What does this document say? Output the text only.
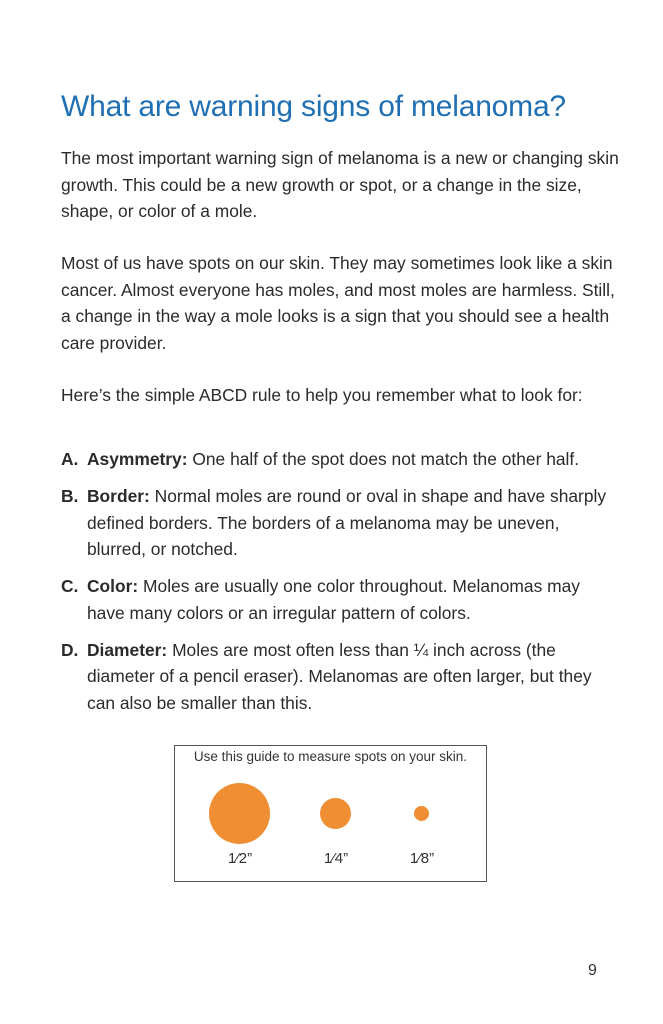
What are warning signs of melanoma?

The most important warning sign of melanoma is a new or changing skin growth. This could be a new growth or spot, or a change in the size, shape, or color of a mole.

Most of us have spots on our skin. They may sometimes look like a skin cancer. Almost everyone has moles, and most moles are harmless. Still, a change in the way a mole looks is a sign that you should see a health care provider.

Here’s the simple ABCD rule to help you remember what to look for:

A. Asymmetry: One half of the spot does not match the other half.
B. Border: Normal moles are round or oval in shape and have sharply defined borders. The borders of a melanoma may be uneven, blurred, or notched.
C. Color: Moles are usually one color throughout. Melanomas may have many colors or an irregular pattern of colors.
D. Diameter: Moles are most often less than ¼ inch across (the diameter of a pencil eraser). Melanomas are often larger, but they can also be smaller than this.
Use this guide to measure spots on your skin.
1⁄2”	1⁄4”	1⁄8”
9
